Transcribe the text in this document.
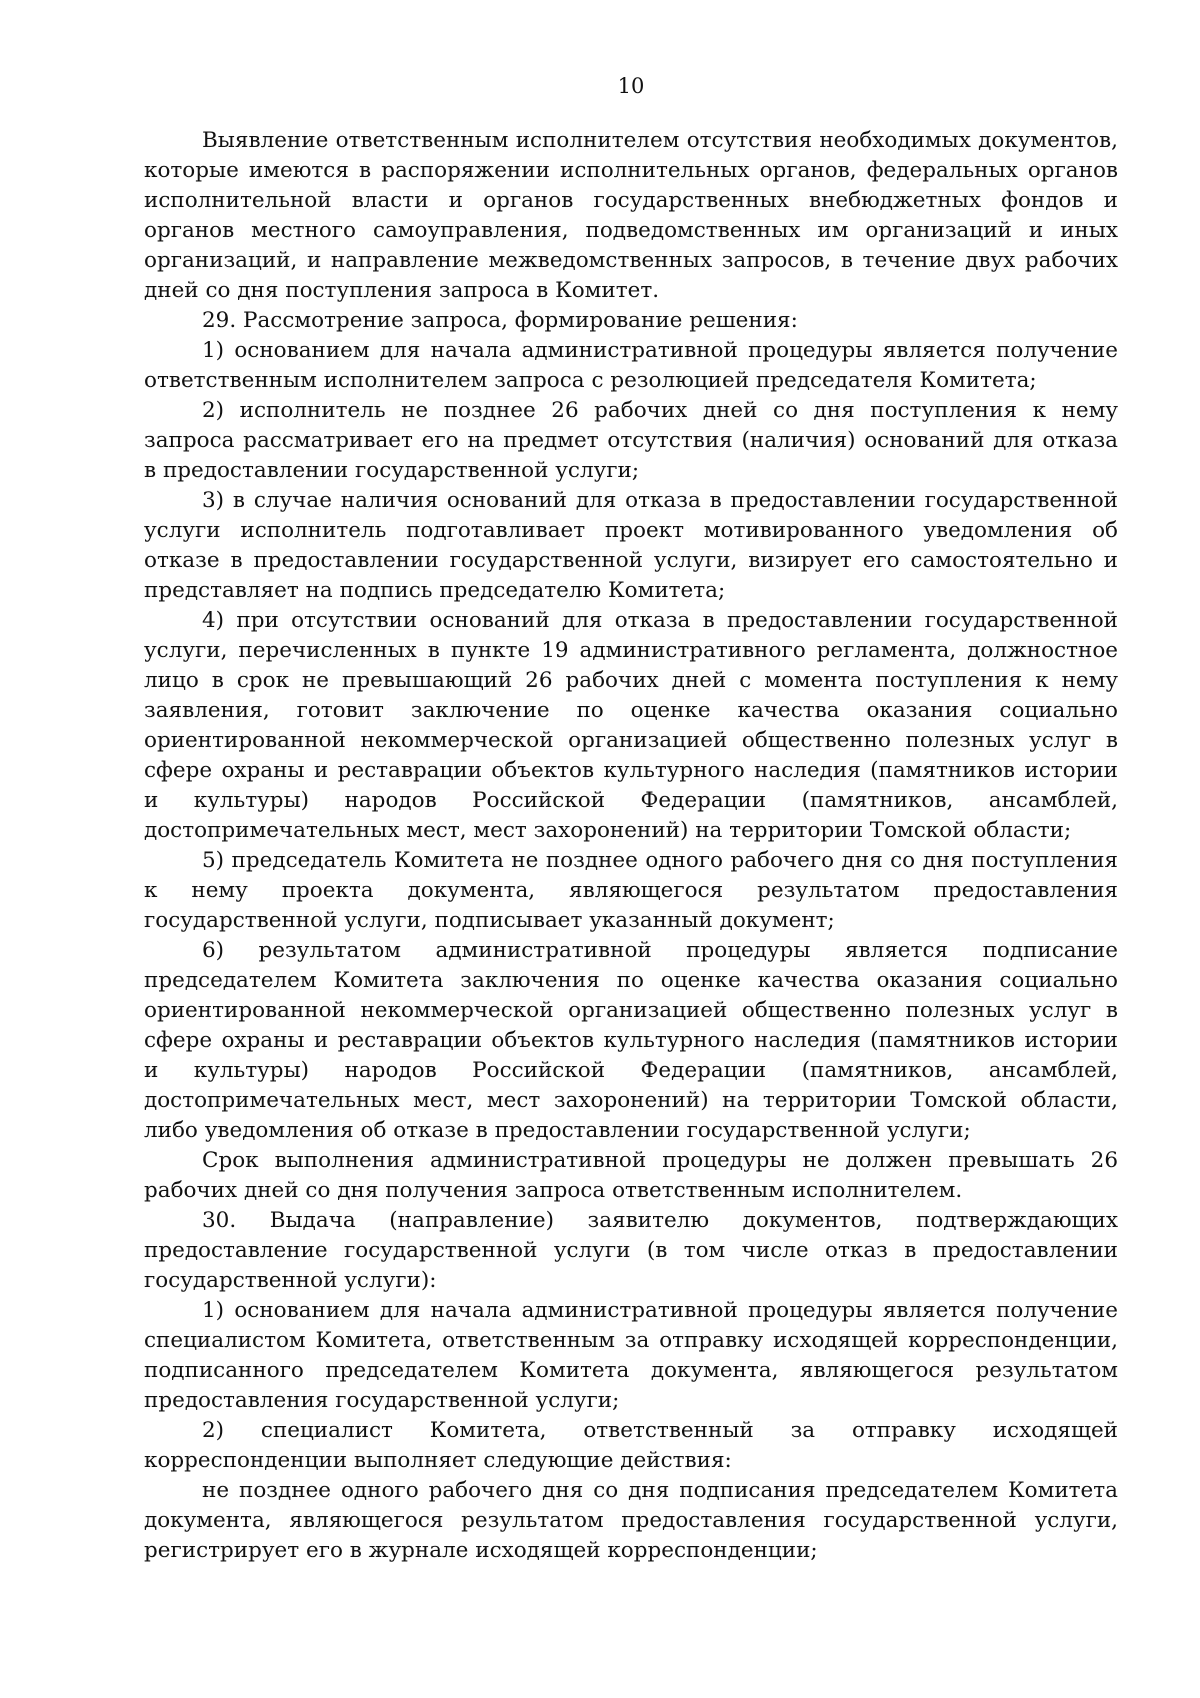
10

Выявление ответственным исполнителем отсутствия необходимых документов, которые имеются в распоряжении исполнительных органов, федеральных органов исполнительной власти и органов государственных внебюджетных фондов и органов местного самоуправления, подведомственных им организаций и иных организаций, и направление межведомственных запросов, в течение двух рабочих дней со дня поступления запроса в Комитет.

29. Рассмотрение запроса, формирование решения:

1) основанием для начала административной процедуры является получение ответственным исполнителем запроса с резолюцией председателя Комитета;

2) исполнитель не позднее 26 рабочих дней со дня поступления к нему запроса рассматривает его на предмет отсутствия (наличия) оснований для отказа в предоставлении государственной услуги;

3) в случае наличия оснований для отказа в предоставлении государственной услуги исполнитель подготавливает проект мотивированного уведомления об отказе в предоставлении государственной услуги, визирует его самостоятельно и представляет на подпись председателю Комитета;

4) при отсутствии оснований для отказа в предоставлении государственной услуги, перечисленных в пункте 19 административного регламента, должностное лицо в срок не превышающий 26 рабочих дней с момента поступления к нему заявления, готовит заключение по оценке качества оказания социально ориентированной некоммерческой организацией общественно полезных услуг в сфере охраны и реставрации объектов культурного наследия (памятников истории и культуры) народов Российской Федерации (памятников, ансамблей, достопримечательных мест, мест захоронений) на территории Томской области;

5) председатель Комитета не позднее одного рабочего дня со дня поступления к нему проекта документа, являющегося результатом предоставления государственной услуги, подписывает указанный документ;

6) результатом административной процедуры является подписание председателем Комитета заключения по оценке качества оказания социально ориентированной некоммерческой организацией общественно полезных услуг в сфере охраны и реставрации объектов культурного наследия (памятников истории и культуры) народов Российской Федерации (памятников, ансамблей, достопримечательных мест, мест захоронений) на территории Томской области, либо уведомления об отказе в предоставлении государственной услуги;

Срок выполнения административной процедуры не должен превышать 26 рабочих дней со дня получения запроса ответственным исполнителем.

30. Выдача (направление) заявителю документов, подтверждающих предоставление государственной услуги (в том числе отказ в предоставлении государственной услуги):

1) основанием для начала административной процедуры является получение специалистом Комитета, ответственным за отправку исходящей корреспонденции, подписанного председателем Комитета документа, являющегося результатом предоставления государственной услуги;

2) специалист Комитета, ответственный за отправку исходящей корреспонденции выполняет следующие действия:

не позднее одного рабочего дня со дня подписания председателем Комитета документа, являющегося результатом предоставления государственной услуги, регистрирует его в журнале исходящей корреспонденции;
